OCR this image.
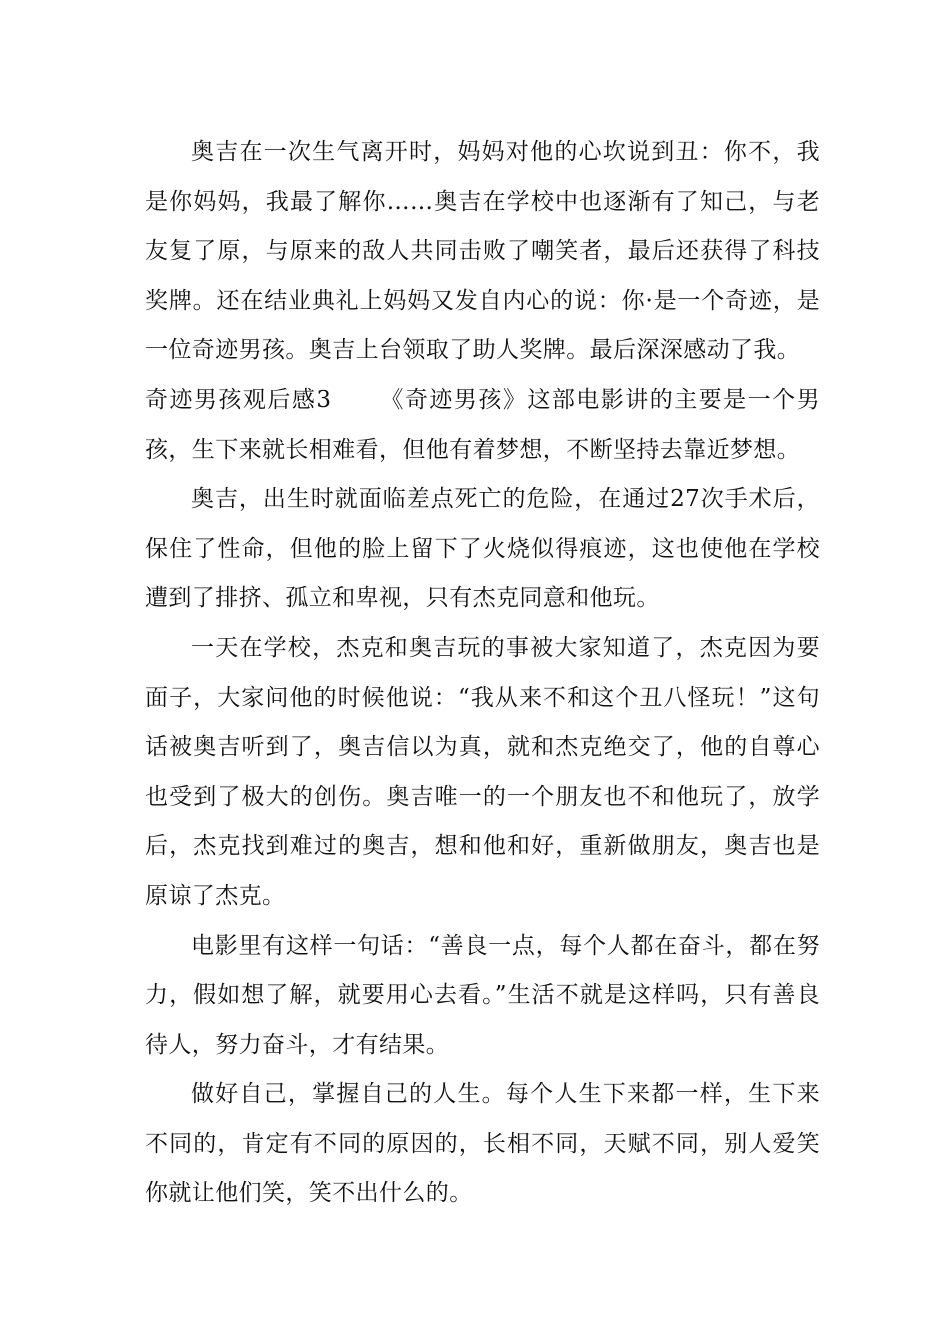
奥吉在一次生气离开时，妈妈对他的心坎说到丑：你不，我是你妈妈，我最了解你……奥吉在学校中也逐渐有了知己，与老友复了原，与原来的敌人共同击败了嘲笑者，最后还获得了科技奖牌。还在结业典礼上妈妈又发自内心的说：你·是一个奇迹，是一位奇迹男孩。奥吉上台领取了助人奖牌。最后深深感动了我。

奇迹男孩观后感3 《奇迹男孩》这部电影讲的主要是一个男孩，生下来就长相难看，但他有着梦想，不断坚持去靠近梦想。

奥吉，出生时就面临差点死亡的危险，在通过27次手术后，保住了性命，但他的脸上留下了火烧似得痕迹，这也使他在学校遭到了排挤、孤立和卑视，只有杰克同意和他玩。

一天在学校，杰克和奥吉玩的事被大家知道了，杰克因为要面子，大家问他的时候他说：“我从来不和这个丑八怪玩！”这句话被奥吉听到了，奥吉信以为真，就和杰克绝交了，他的自尊心也受到了极大的创伤。奥吉唯一的一个朋友也不和他玩了，放学后，杰克找到难过的奥吉，想和他和好，重新做朋友，奥吉也是原谅了杰克。

电影里有这样一句话：“善良一点，每个人都在奋斗，都在努力，假如想了解，就要用心去看。”生活不就是这样吗，只有善良待人，努力奋斗，才有结果。

做好自己，掌握自己的人生。每个人生下来都一样，生下来不同的，肯定有不同的原因的，长相不同，天赋不同，别人爱笑你就让他们笑，笑不出什么的。
